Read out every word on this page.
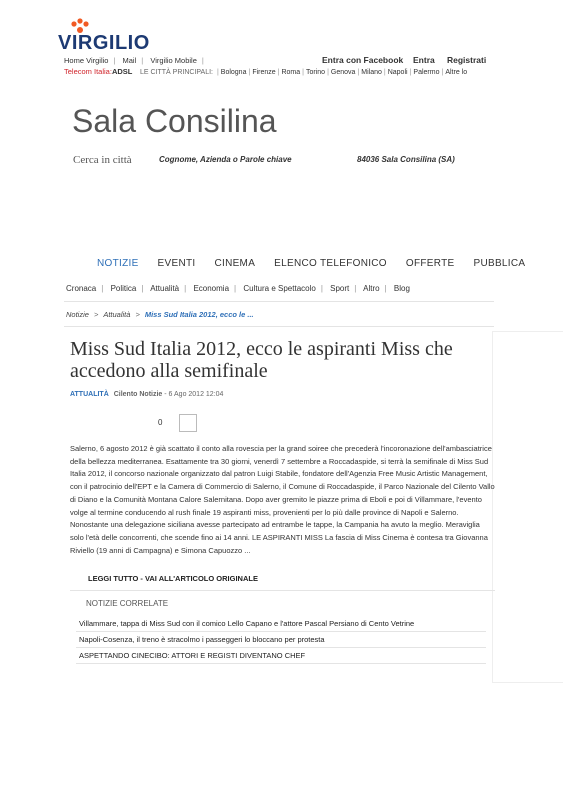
VIRGILIO
Home Virgilio | Mail | Virgilio Mobile |
Telecom Italia:ADSL LE CITTÀ PRINCIPALI: | Bologna | Firenze | Roma | Torino | Genova | Milano | Napoli | Palermo | Altre lo
Entra con Facebook Entra Registrati
Sala Consilina
Cerca in città	Cognome, Azienda o Parole chiave	84036 Sala Consilina (SA)
NOTIZIE EVENTI CINEMA ELENCO TELEFONICO OFFERTE PUBBLICA
Cronaca | Politica | Attualità | Economia | Cultura e Spettacolo | Sport | Altro | Blog
Notizie > Attualità > Miss Sud Italia 2012, ecco le ...
Miss Sud Italia 2012, ecco le aspiranti Miss che accedono alla semifinale
ATTUALITÀ Cilento Notizie - 6 Ago 2012 12:04
0
Salerno, 6 agosto 2012 è già scattato il conto alla rovescia per la grand soiree che precederà l'incoronazione dell'ambasciatrice della bellezza mediterranea. Esattamente tra 30 giorni, venerdì 7 settembre a Roccadaspide, si terrà la semifinale di Miss Sud Italia 2012, il concorso nazionale organizzato dal patron Luigi Stabile, fondatore dell'Agenzia Free Music Artistic Management, con il patrocinio dell'EPT e la Camera di Commercio di Salerno, il Comune di Roccadaspide, il Parco Nazionale del Cilento Vallo di Diano e la Comunità Montana Calore Salernitana. Dopo aver gremito le piazze prima di Eboli e poi di Villammare, l'evento volge al termine conducendo al rush finale 19 aspiranti miss, provenienti per lo più dalle province di Napoli e Salerno. Nonostante una delegazione siciliana avesse partecipato ad entrambe le tappe, la Campania ha avuto la meglio. Meraviglia solo l'età delle concorrenti, che scende fino ai 14 anni. LE ASPIRANTI MISS La fascia di Miss Cinema è contesa tra Giovanna Riviello (19 anni di Campagna) e Simona Capuozzo ...
LEGGI TUTTO - VAI ALL'ARTICOLO ORIGINALE
NOTIZIE CORRELATE
Villammare, tappa di Miss Sud con il comico Lello Capano e l'attore Pascal Persiano di Cento Vetrine
Napoli-Cosenza, il treno è stracolmo i passeggeri lo bloccano per protesta
ASPETTANDO CINECIBO: ATTORI E REGISTI DIVENTANO CHEF
